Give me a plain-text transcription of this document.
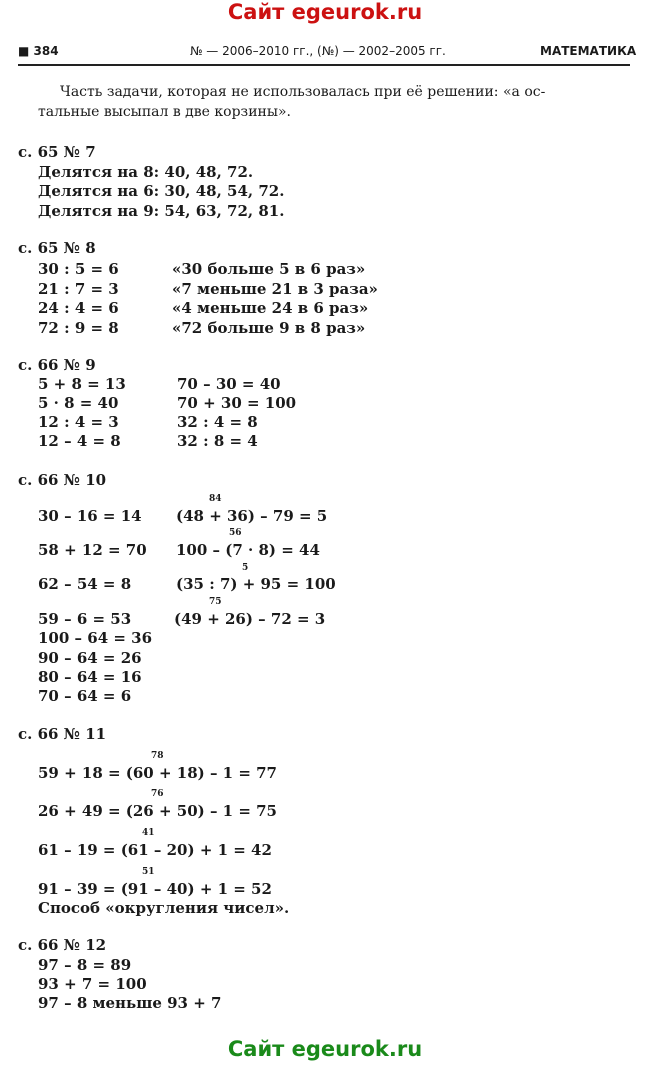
Сайт egeurok.ru
■ 384	№ — 2006–2010 гг., (№) — 2002–2005 гг.	МАТЕМАТИКА
Часть задачи, которая не использовалась при её решении: «а ос-
тальные высыпал в две корзины».
с. 65 № 7
Делятся на 8: 40, 48, 72.
Делятся на 6: 30, 48, 54, 72.
Делятся на 9: 54, 63, 72, 81.
с. 65 № 8
30 : 5 = 6
21 : 7 = 3
24 : 4 = 6
72 : 9 = 8
«30 больше 5 в 6 раз»
«7 меньше 21 в 3 раза»
«4 меньше 24 в 6 раз»
«72 больше 9 в 8 раз»
с. 66 № 9
5 + 8 = 13
5 · 8 = 40
12 : 4 = 3
12 – 4 = 8
70 – 30 = 40
70 + 30 = 100
32 : 4 = 8
32 : 8 = 4
с. 66 № 10
30 – 16 = 14
58 + 12 = 70
62 – 54 = 8
59 – 6 = 53
100 – 64 = 36
90 – 64 = 26
80 – 64 = 16
70 – 64 = 6
84
(48 + 36) – 79 = 5
56
100 – (7 · 8) = 44
5
(35 : 7) + 95 = 100
75
(49 + 26) – 72 = 3
с. 66 № 11
78
59 + 18 = (60 + 18) – 1 = 77
76
26 + 49 = (26 + 50) – 1 = 75
41
61 – 19 = (61 – 20) + 1 = 42
51
91 – 39 = (91 – 40) + 1 = 52
Способ «округления чисел».
с. 66 № 12
97 – 8 = 89
93 + 7 = 100
97 – 8 меньше 93 + 7
Сайт egeurok.ru
